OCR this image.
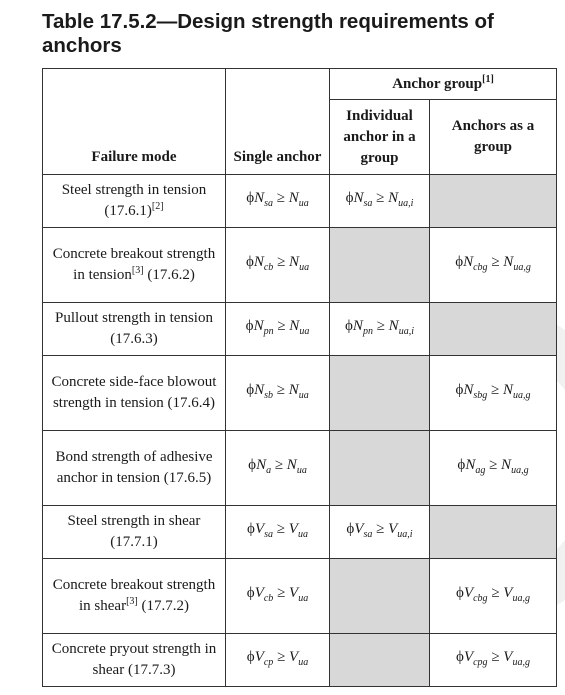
Table 17.5.2—Design strength requirements of anchors
Failure mode	Single anchor	Anchor group[1]
		Individual anchor in a group	Anchors as a group
Steel strength in tension (17.6.1)[2]	$\phi N_{sa} \ge N_{ua}$	$\phi N_{sa} \ge N_{ua,i}$	
Concrete breakout strength in tension[3] (17.6.2)	$\phi N_{cb} \ge N_{ua}$		$\phi N_{cbg} \ge N_{ua,g}$
Pullout strength in tension (17.6.3)	$\phi N_{pn} \ge N_{ua}$	$\phi N_{pn} \ge N_{ua,i}$	
Concrete side-face blowout strength in tension (17.6.4)	$\phi N_{sb} \ge N_{ua}$		$\phi N_{sbg} \ge N_{ua,g}$
Bond strength of adhesive anchor in tension (17.6.5)	$\phi N_a \ge N_{ua}$		$\phi N_{ag} \ge N_{ua,g}$
Steel strength in shear (17.7.1)	$\phi V_{sa} \ge V_{ua}$	$\phi V_{sa} \ge V_{ua,i}$	
Concrete breakout strength in shear[3] (17.7.2)	$\phi V_{cb} \ge V_{ua}$		$\phi V_{cbg} \ge V_{ua,g}$
Concrete pryout strength in shear (17.7.3)	$\phi V_{cp} \ge V_{ua}$		$\phi V_{cpg} \ge V_{ua,g}$
